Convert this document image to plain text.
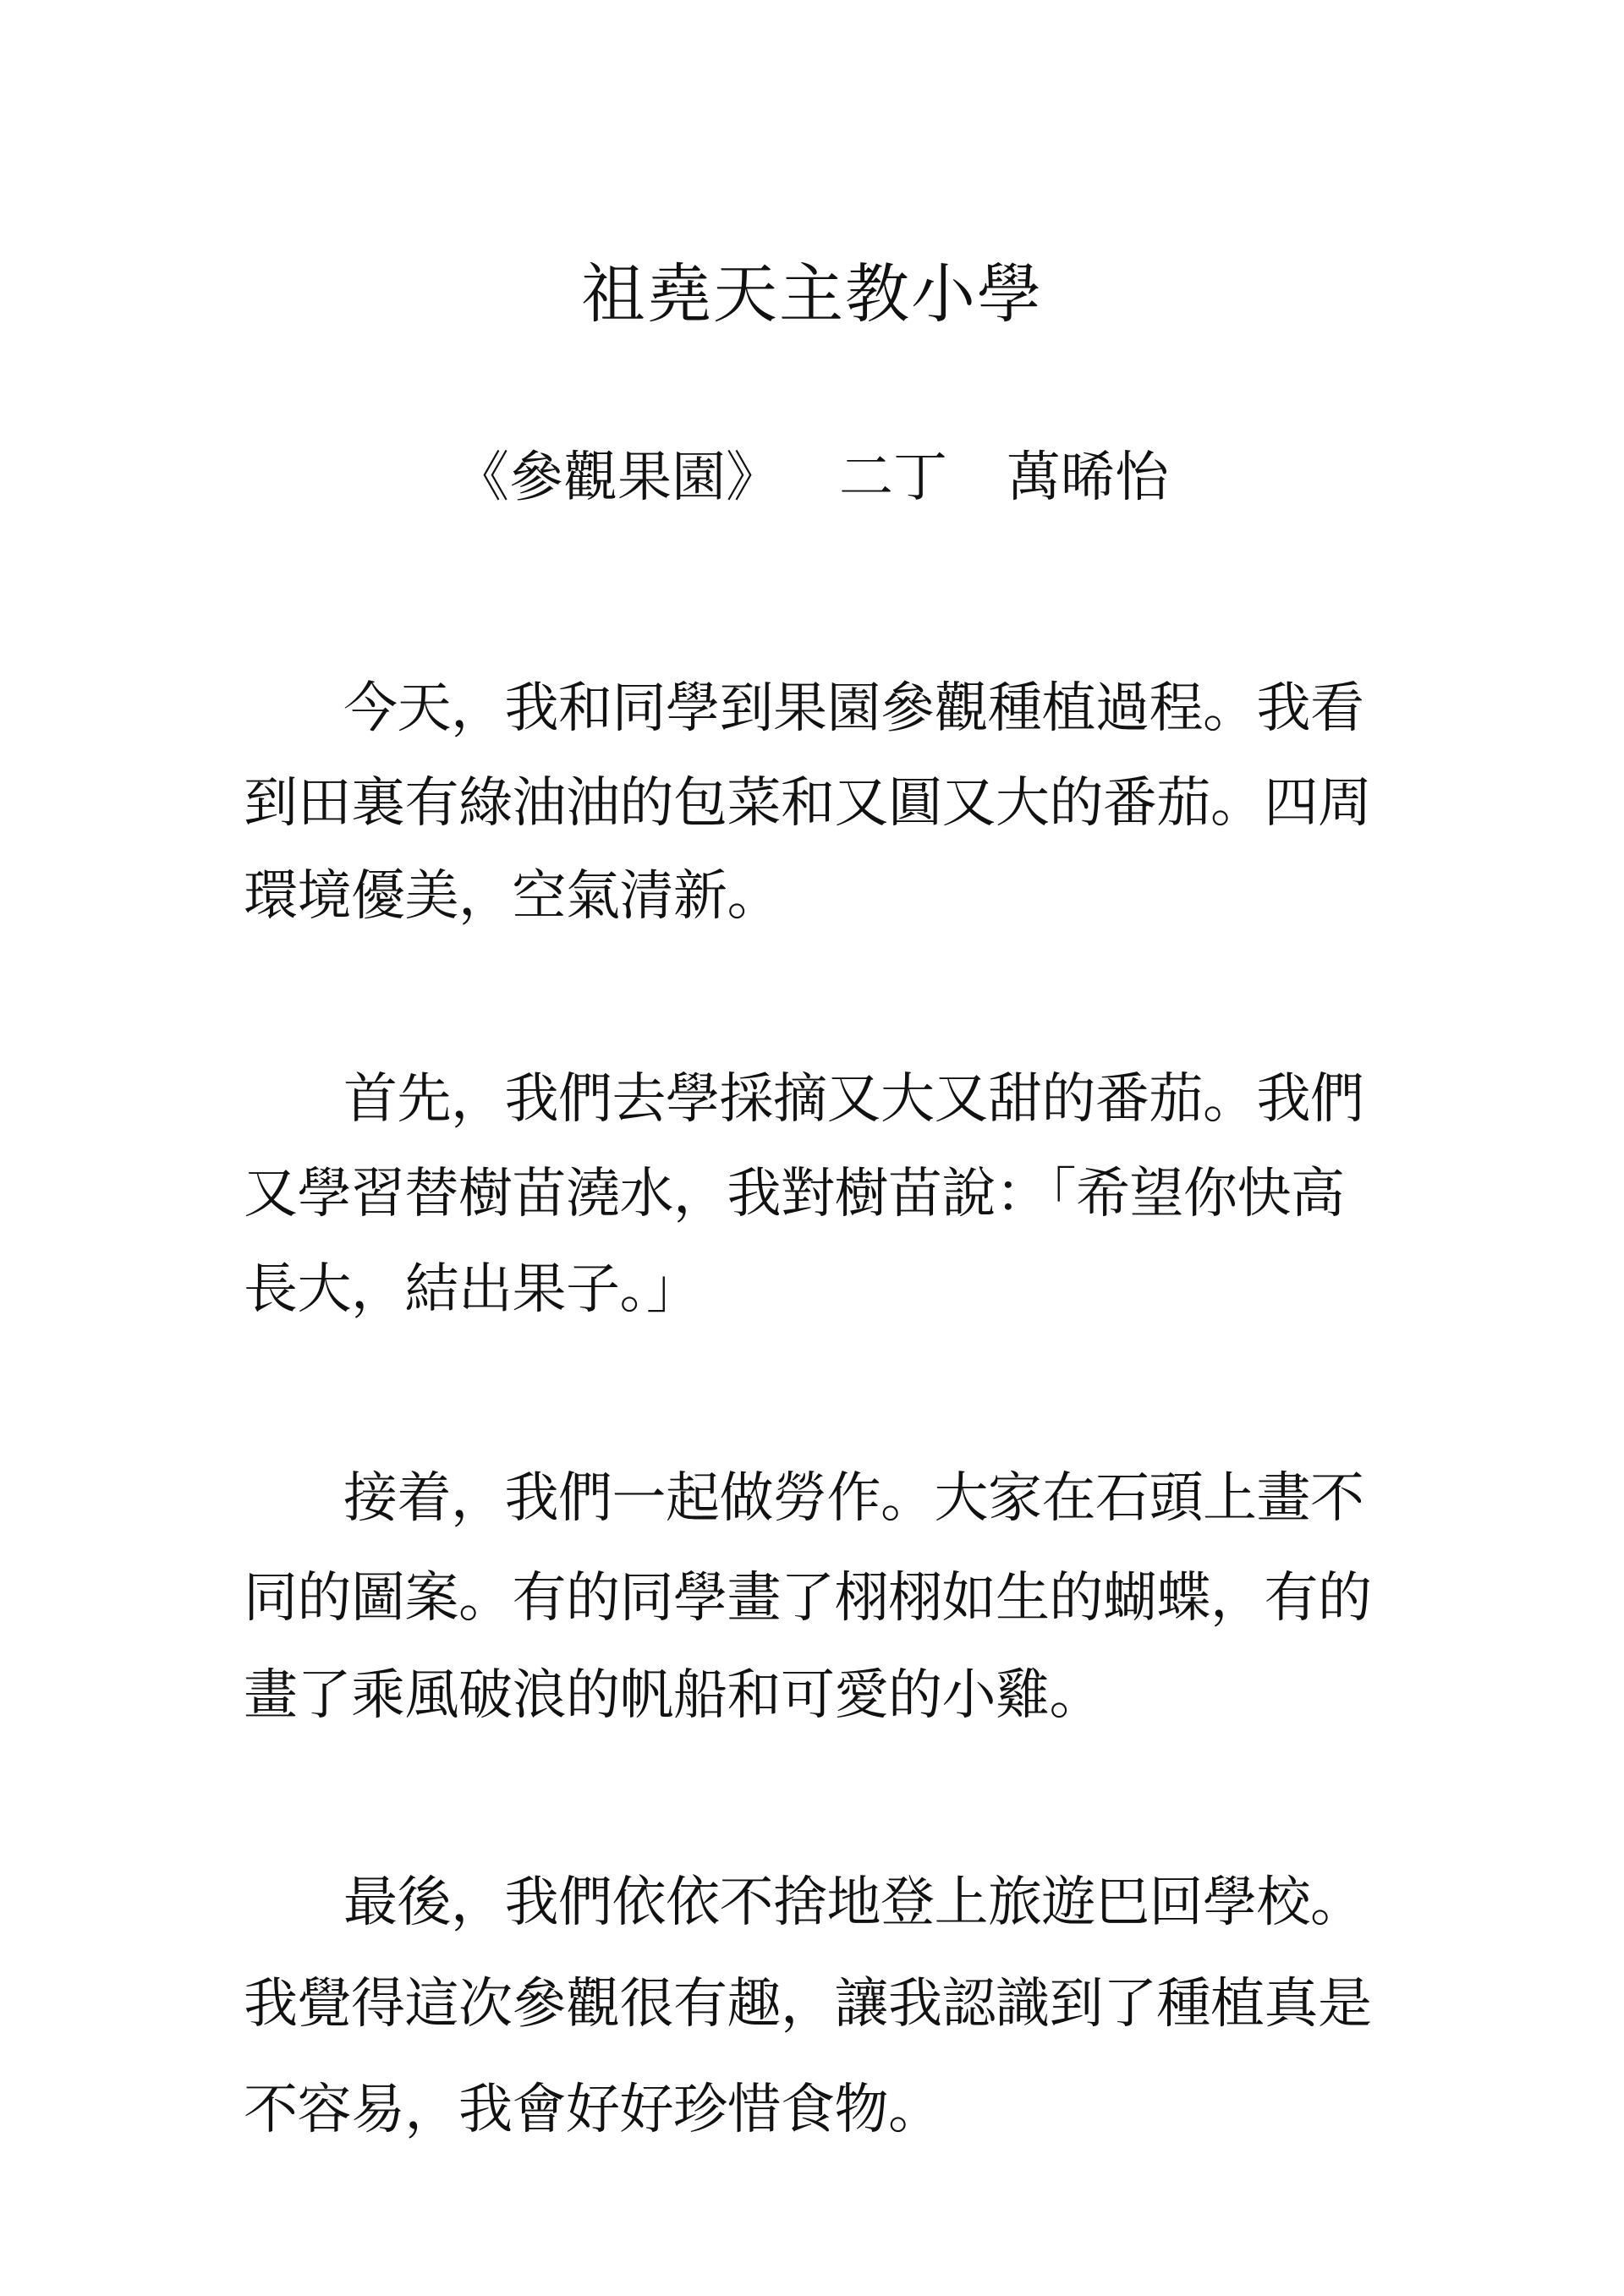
祖堯天主教小學
《參觀果園》 二丁 萬晞怡
今天，我和同學到果園參觀種植過程。我看
到田裏有綠油油的包菜和又圓又大的番茄。四周
環境優美，空氣清新。
首先，我們去學採摘又大又甜的番茄。我們
又學習替樹苗澆水，我對樹苗說：「希望你快高
長大，結出果子。」
接着，我們一起做勞作。大家在石頭上畫不
同的圖案。有的同學畫了栩栩如生的蝴蝶，有的
畫了乘風破浪的帆船和可愛的小雞。
最後，我們依依不捨地登上旅遊巴回學校。
我覺得這次參觀很有趣，讓我認識到了種植真是
不容易，我會好好珍惜食物。
